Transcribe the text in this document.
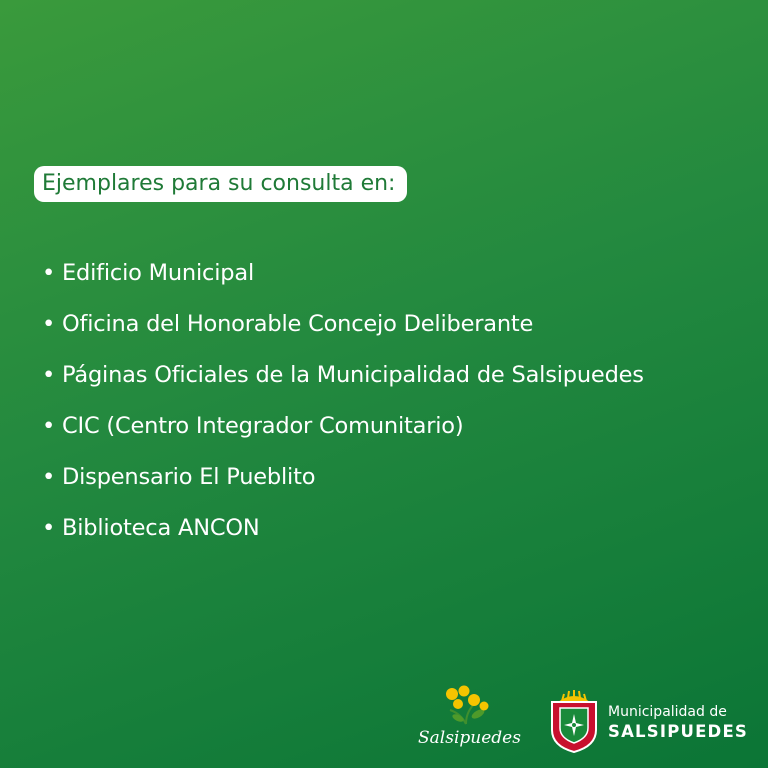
Ejemplares para su consulta en:
• Edificio Municipal
• Oficina del Honorable Concejo Deliberante
• Páginas Oficiales de la Municipalidad de Salsipuedes
• CIC (Centro Integrador Comunitario)
• Dispensario El Pueblito
• Biblioteca ANCON
Salsipuedes
Municipalidad de
SALSIPUEDES
